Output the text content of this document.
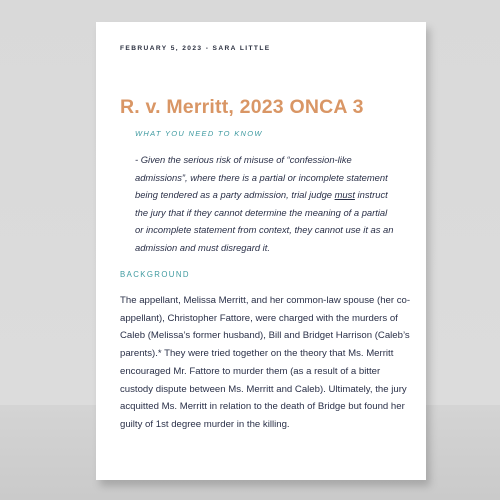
FEBRUARY 5, 2023 - SARA LITTLE
R. v. Merritt, 2023 ONCA 3
WHAT YOU NEED TO KNOW

- Given the serious risk of misuse of “confession-like admissions”, where there is a partial or incomplete statement being tendered as a party admission, trial judge must instruct the jury that if they cannot determine the meaning of a partial or incomplete statement from context, they cannot use it as an admission and must disregard it.

BACKGROUND

The appellant, Melissa Merritt, and her common-law spouse (her co-appellant), Christopher Fattore, were charged with the murders of Caleb (Melissa’s former husband), Bill and Bridget Harrison (Caleb’s parents).* They were tried together on the theory that Ms. Merritt encouraged Mr. Fattore to murder them (as a result of a bitter custody dispute between Ms. Merritt and Caleb). Ultimately, the jury acquitted Ms. Merritt in relation to the death of Bridge but found her guilty of 1st degree murder in the killing.
